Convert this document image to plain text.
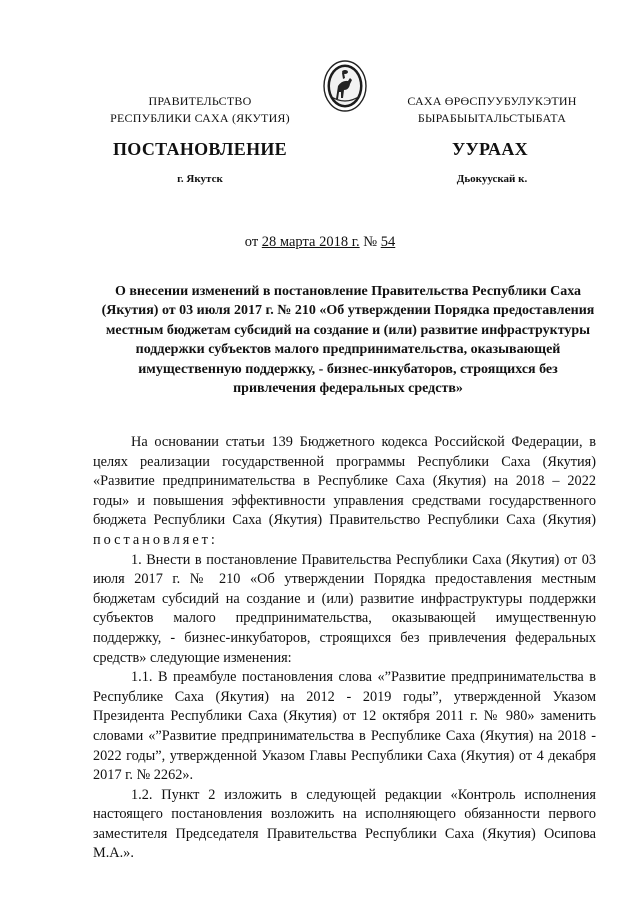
ПРАВИТЕЛЬСТВО
РЕСПУБЛИКИ САХА (ЯКУТИЯ)
САХА ӨРӨСПУУБУЛУКЭТИН
БЫРАБЫЫТАЛЬСТЫБАТА
ПОСТАНОВЛЕНИЕ	УУРААХ
г. Якутск	Дьокуускай к.
от 28 марта 2018 г. № 54
О внесении изменений в постановление Правительства Республики Саха (Якутия) от 03 июля 2017 г. № 210 «Об утверждении Порядка предоставления местным бюджетам субсидий на создание и (или) развитие инфраструктуры поддержки субъектов малого предпринимательства, оказывающей имущественную поддержку, - бизнес-инкубаторов, строящихся без привлечения федеральных средств»

На основании статьи 139 Бюджетного кодекса Российской Федерации, в целях реализации государственной программы Республики Саха (Якутия) «Развитие предпринимательства в Республике Саха (Якутия) на 2018 – 2022 годы» и повышения эффективности управления средствами государственного бюджета Республики Саха (Якутия) Правительство Республики Саха (Якутия) постановляет:

1. Внести в постановление Правительства Республики Саха (Якутия) от 03 июля 2017 г. № 210 «Об утверждении Порядка предоставления местным бюджетам субсидий на создание и (или) развитие инфраструктуры поддержки субъектов малого предпринимательства, оказывающей имущественную поддержку, - бизнес-инкубаторов, строящихся без привлечения федеральных средств» следующие изменения:

1.1. В преамбуле постановления слова «”Развитие предпринимательства в Республике Саха (Якутия) на 2012 - 2019 годы”, утвержденной Указом Президента Республики Саха (Якутия) от 12 октября 2011 г. № 980» заменить словами «”Развитие предпринимательства в Республике Саха (Якутия) на 2018 - 2022 годы”, утвержденной Указом Главы Республики Саха (Якутия) от 4 декабря 2017 г. № 2262».

1.2. Пункт 2 изложить в следующей редакции «Контроль исполнения настоящего постановления возложить на исполняющего обязанности первого заместителя Председателя Правительства Республики Саха (Якутия) Осипова М.А.».
